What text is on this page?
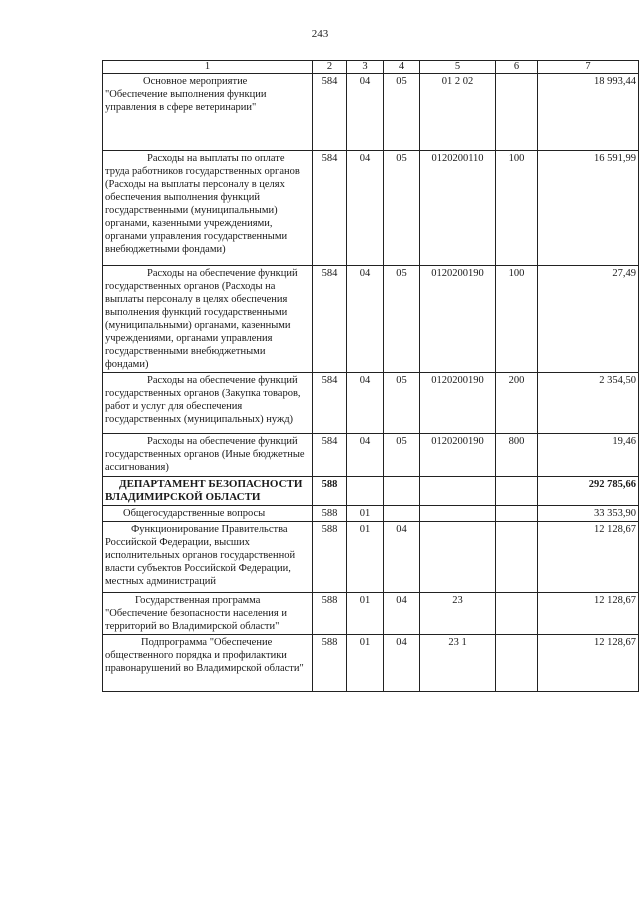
243
1	2	3	4	5	6	7
Основное мероприятие "Обеспечение выполнения функции управления в сфере ветеринарии"	584	04	05	01 2 02		18 993,44
Расходы на выплаты по оплате труда работников государственных органов (Расходы на выплаты персоналу в целях обеспечения выполнения функций государственными (муниципальными) органами, казенными учреждениями, органами управления государственными внебюджетными фондами)	584	04	05	0120200110	100	16 591,99
Расходы на обеспечение функций государственных органов (Расходы на выплаты персоналу в целях обеспечения выполнения функций государственными (муниципальными) органами, казенными учреждениями, органами управления государственными внебюджетными фондами)	584	04	05	0120200190	100	27,49
Расходы на обеспечение функций государственных органов (Закупка товаров, работ и услуг для обеспечения государственных (муниципальных) нужд)	584	04	05	0120200190	200	2 354,50
Расходы на обеспечение функций государственных органов (Иные бюджетные ассигнования)	584	04	05	0120200190	800	19,46
ДЕПАРТАМЕНТ БЕЗОПАСНОСТИ ВЛАДИМИРСКОЙ ОБЛАСТИ	588					292 785,66
Общегосударственные вопросы	588	01				33 353,90
Функционирование Правительства Российской Федерации, высших исполнительных органов государственной власти субъектов Российской Федерации, местных администраций	588	01	04			12 128,67
Государственная программа "Обеспечение безопасности населения и территорий во Владимирской области"	588	01	04	23		12 128,67
Подпрограмма "Обеспечение общественного порядка и профилактики правонарушений во Владимирской области"	588	01	04	23 1		12 128,67
